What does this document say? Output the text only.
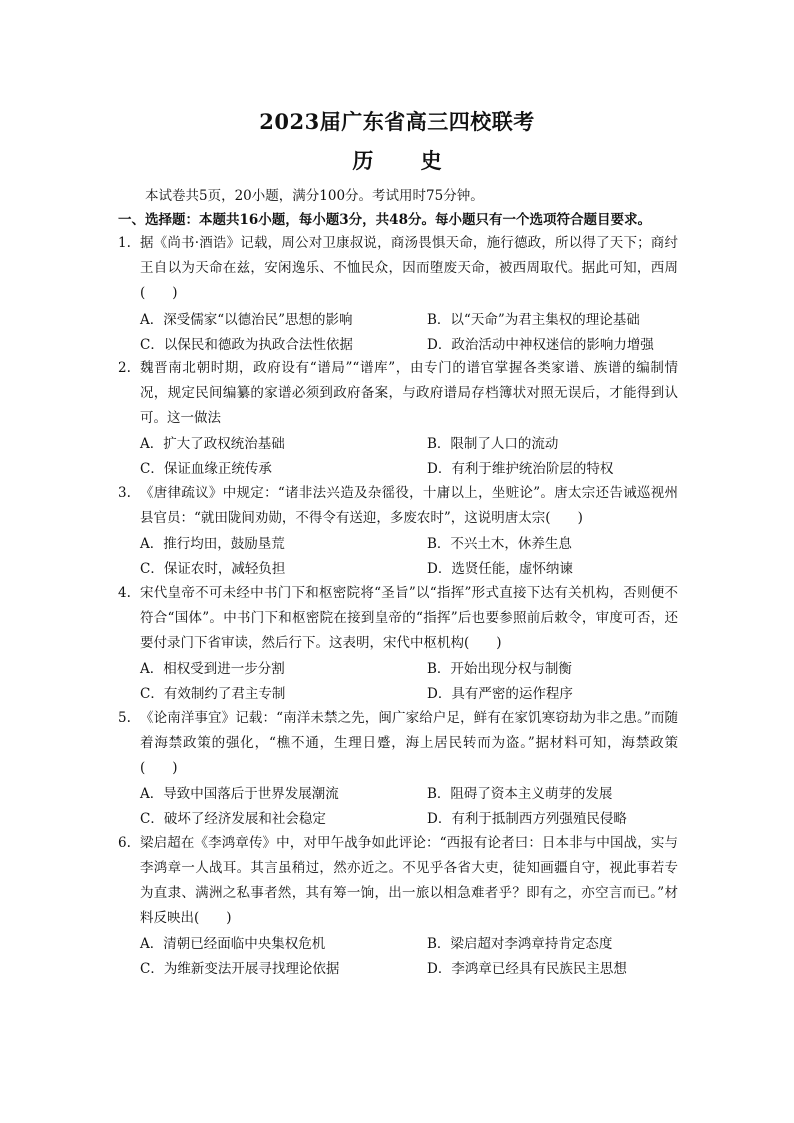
2023届广东省高三四校联考
历 史
本试卷共5页，20小题，满分100分。考试用时75分钟。
一、选择题：本题共16小题，每小题3分，共48分。每小题只有一个选项符合题目要求。
1. 据《尚书·酒诰》记载，周公对卫康叔说，商汤畏惧天命，施行德政，所以得了天下；商纣王自以为天命在兹，安闲逸乐、不恤民众，因而堕废天命，被西周取代。据此可知，西周(　　)
A．深受儒家“以德治民”思想的影响	B．以“天命”为君主集权的理论基础
C．以保民和德政为执政合法性依据	D．政治活动中神权迷信的影响力增强
2. 魏晋南北朝时期，政府设有“谱局”“谱库”，由专门的谱官掌握各类家谱、族谱的编制情况，规定民间编纂的家谱必须到政府备案，与政府谱局存档簿状对照无误后，才能得到认可。这一做法
A．扩大了政权统治基础	B．限制了人口的流动
C．保证血缘正统传承	D．有利于维护统治阶层的特权
3. 《唐律疏议》中规定：“诸非法兴造及杂徭役，十庸以上，坐赃论”。唐太宗还告诫巡视州县官员：“就田陇间劝勋，不得令有送迎，多废农时”，这说明唐太宗(　　)
A．推行均田，鼓励垦荒	B．不兴土木，休养生息
C．保证农时，减轻负担	D．选贤任能，虚怀纳谏
4. 宋代皇帝不可未经中书门下和枢密院将“圣旨”以“指挥”形式直接下达有关机构，否则便不符合“国体”。中书门下和枢密院在接到皇帝的“指挥”后也要参照前后敕令，审度可否，还要付录门下省审读，然后行下。这表明，宋代中枢机构(　　)
A．相权受到进一步分割	B．开始出现分权与制衡
C．有效制约了君主专制	D．具有严密的运作程序
5. 《论南洋事宜》记载：“南洋未禁之先，闽广家给户足，鲜有在家饥寒窃劫为非之患。”而随着海禁政策的强化，“樵不通，生理日蹙，海上居民转而为盗。”据材料可知，海禁政策(　　)
A．导致中国落后于世界发展潮流	B．阻碍了资本主义萌芽的发展
C．破坏了经济发展和社会稳定	D．有利于抵制西方列强殖民侵略
6. 梁启超在《李鸿章传》中，对甲午战争如此评论：“西报有论者曰：日本非与中国战，实与李鸿章一人战耳。其言虽稍过，然亦近之。不见乎各省大吏，徒知画疆自守，视此事若专为直隶、满洲之私事者然，其有筹一饷，出一旅以相急难者乎？即有之，亦空言而已。”材料反映出(　　)
A．清朝已经面临中央集权危机	B．梁启超对李鸿章持肯定态度
C．为维新变法开展寻找理论依据	D．李鸿章已经具有民族民主思想
